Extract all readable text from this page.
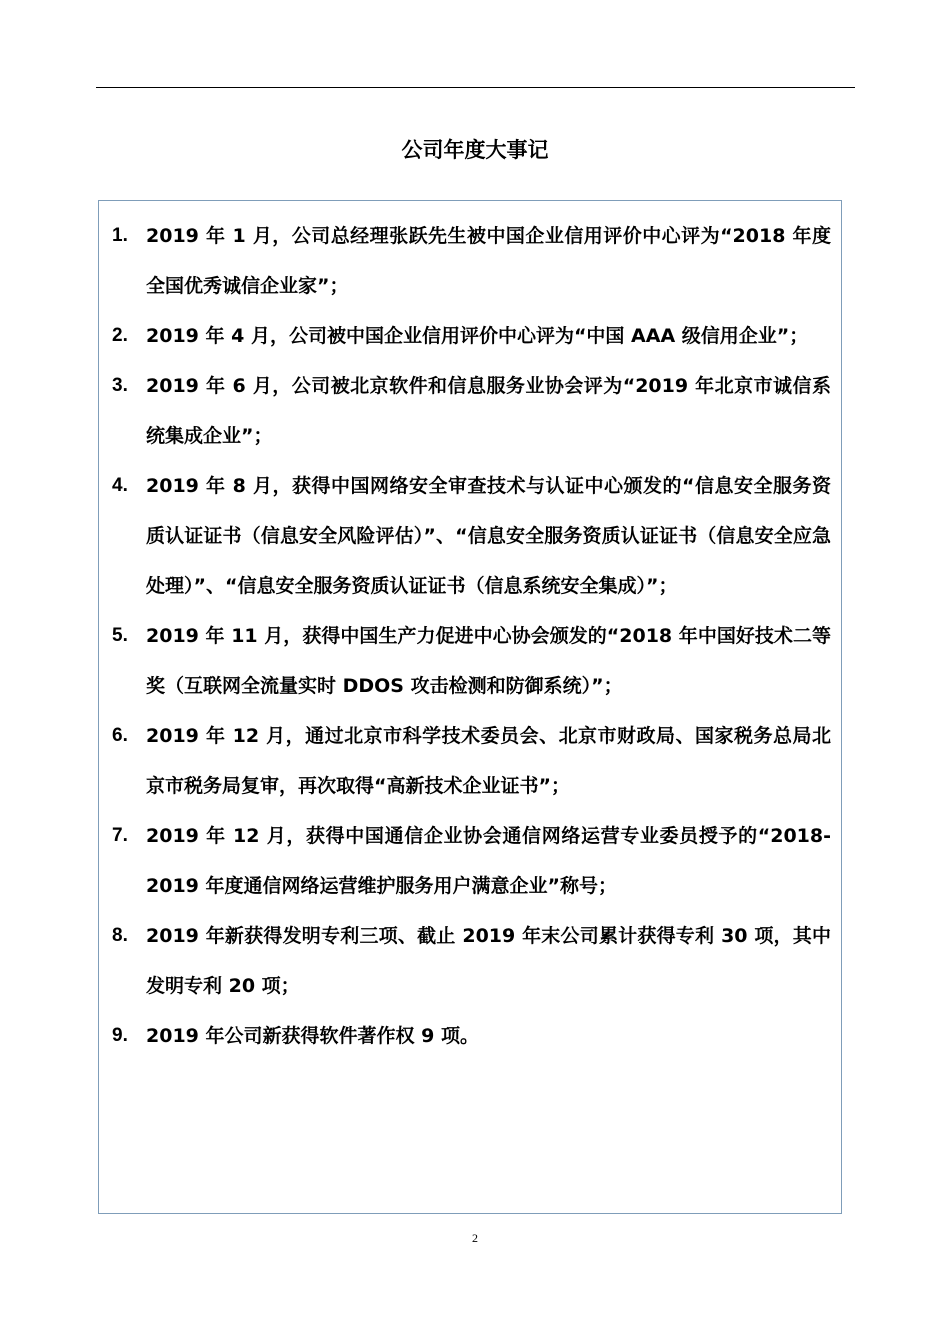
公司年度大事记
1. 2019 年 1 月，公司总经理张跃先生被中国企业信用评价中心评为“2018 年度全国优秀诚信企业家”；
2. 2019 年 4 月，公司被中国企业信用评价中心评为“中国 AAA 级信用企业”；
3. 2019 年 6 月，公司被北京软件和信息服务业协会评为“2019 年北京市诚信系统集成企业”；
4. 2019 年 8 月，获得中国网络安全审查技术与认证中心颁发的“信息安全服务资质认证证书（信息安全风险评估）”、“信息安全服务资质认证证书（信息安全应急处理）”、“信息安全服务资质认证证书（信息系统安全集成）”；
5. 2019 年 11 月，获得中国生产力促进中心协会颁发的“2018 年中国好技术二等奖（互联网全流量实时 DDOS 攻击检测和防御系统）”；
6. 2019 年 12 月，通过北京市科学技术委员会、北京市财政局、国家税务总局北京市税务局复审，再次取得“高新技术企业证书”；
7. 2019 年 12 月，获得中国通信企业协会通信网络运营专业委员授予的“2018-2019 年度通信网络运营维护服务用户满意企业”称号；
8. 2019 年新获得发明专利三项、截止 2019 年末公司累计获得专利 30 项，其中发明专利 20 项；
9. 2019 年公司新获得软件著作权 9 项。
2
